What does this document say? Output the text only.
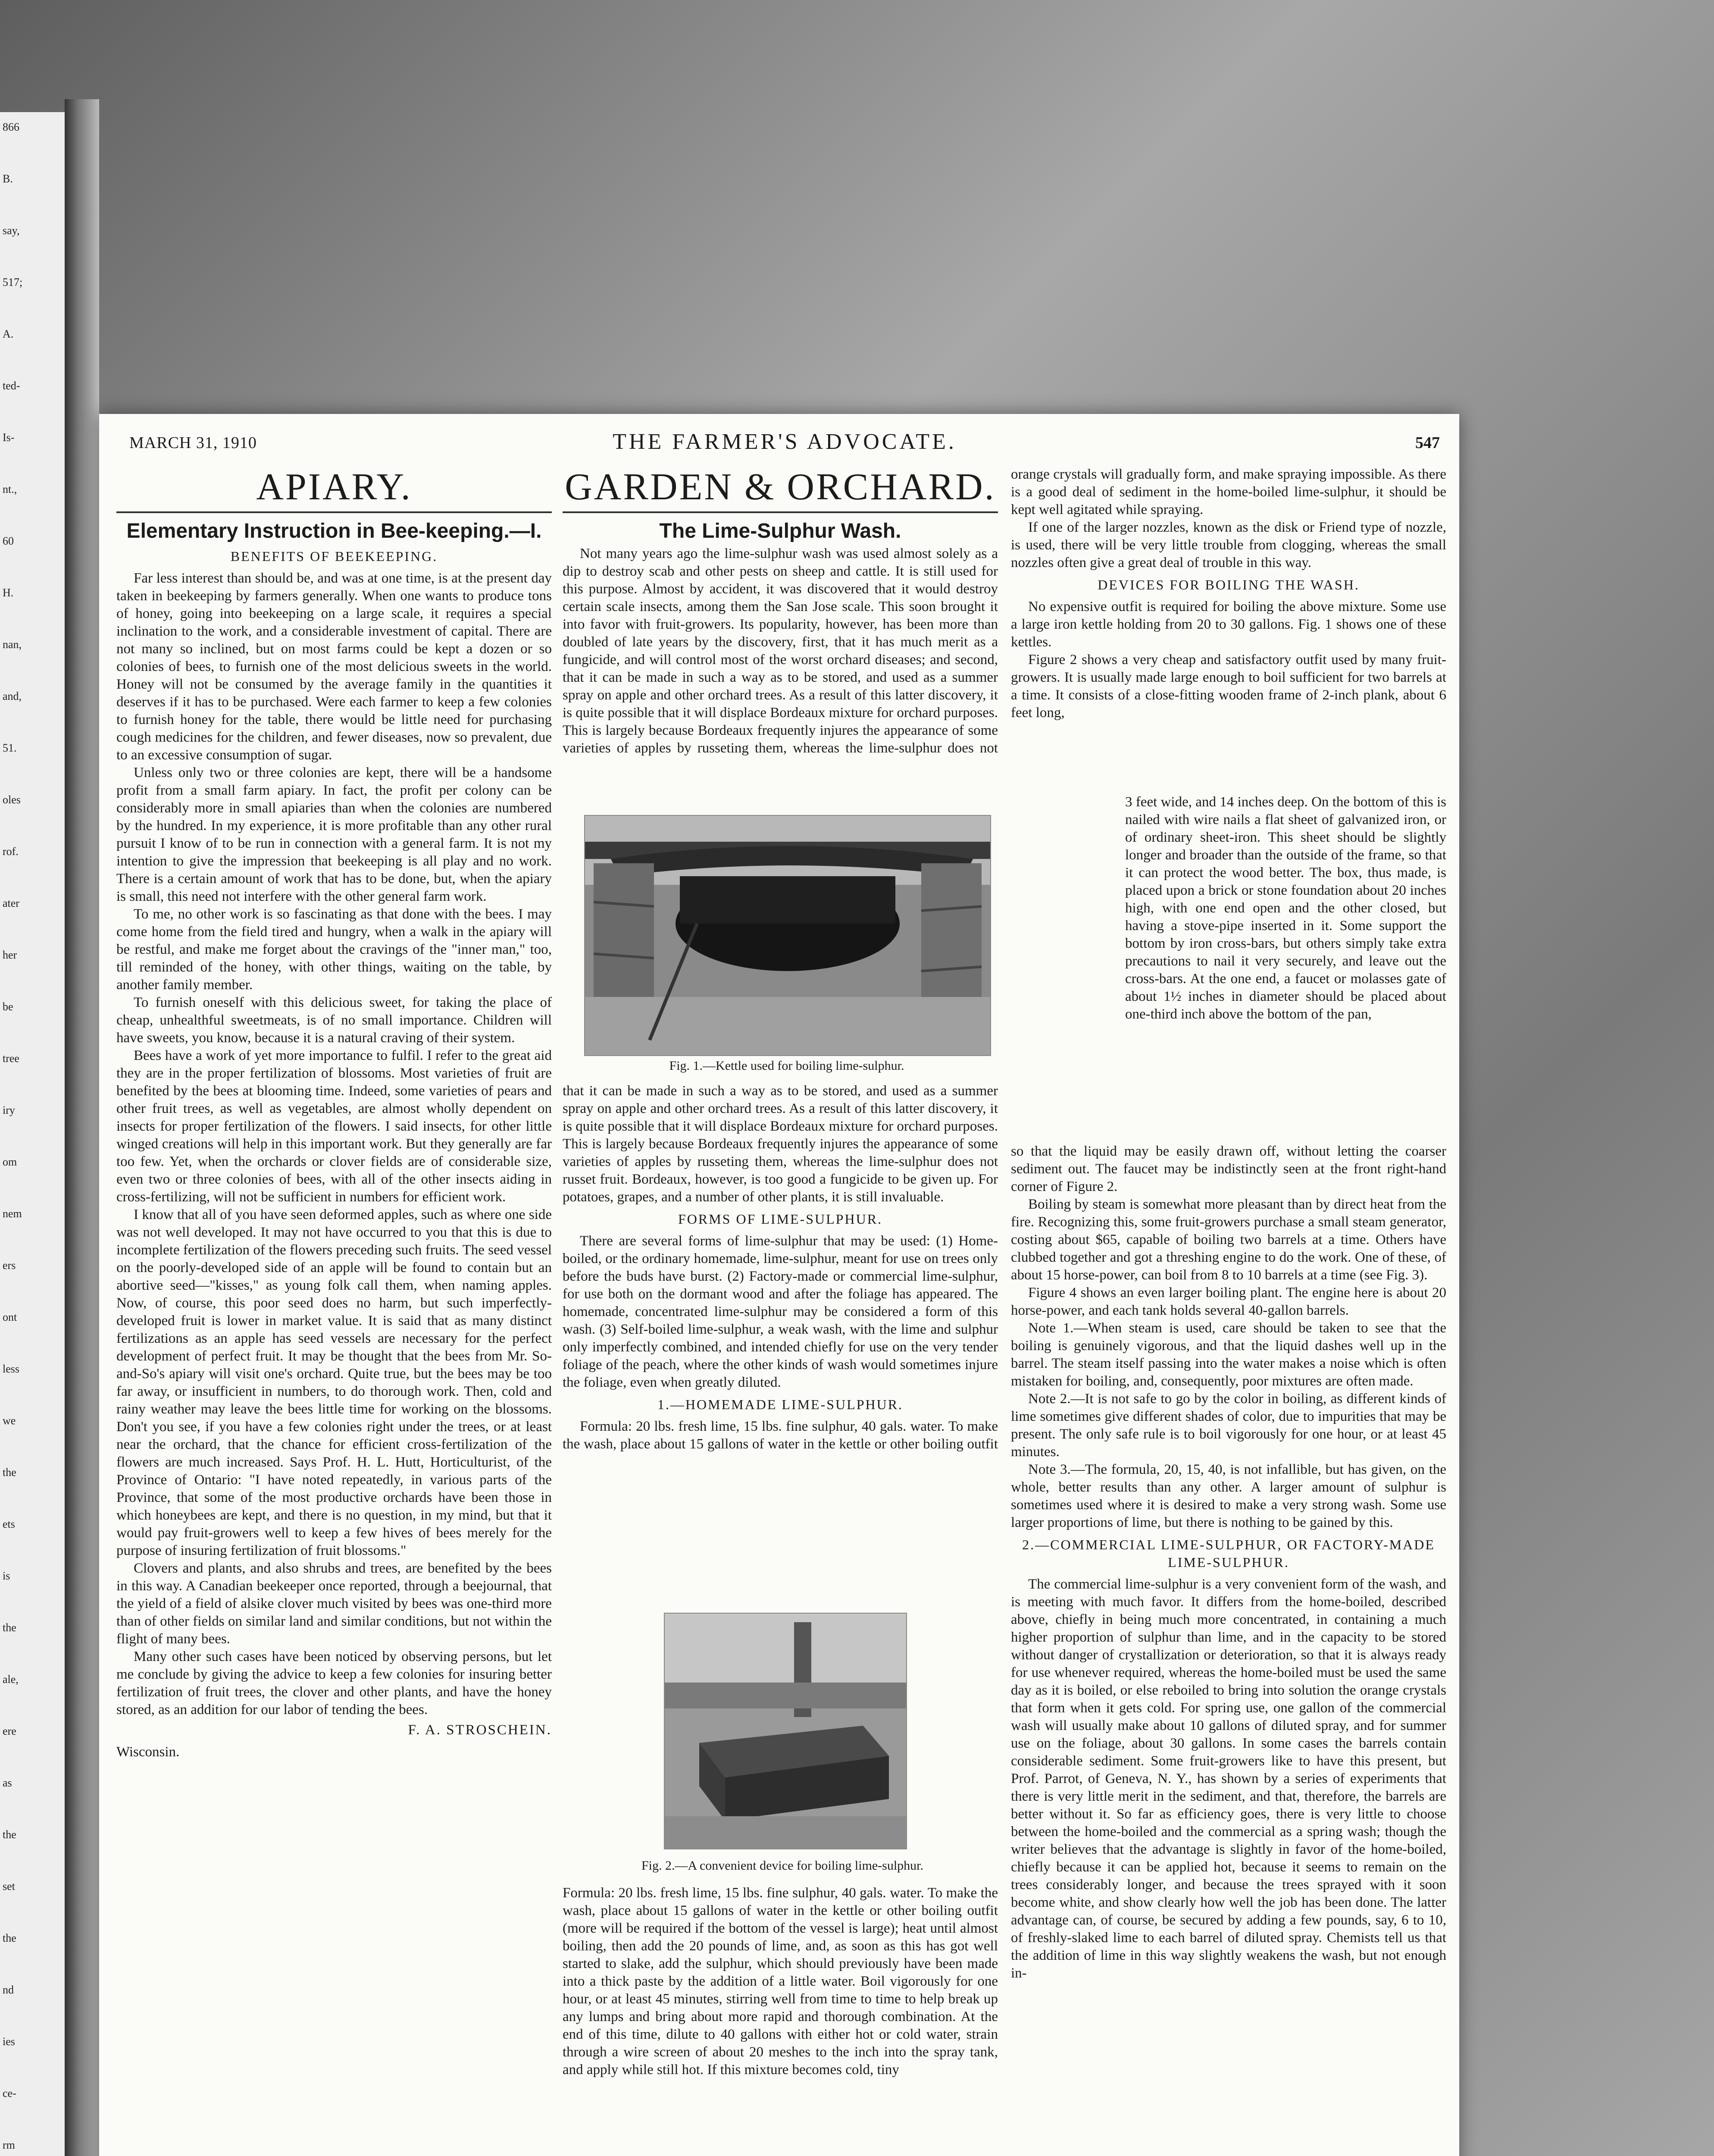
866
B.
say,
517;
A.
ted-
Is-
nt.,
60
H.
nan,
and,
51.
oles
rof.
ater
her
be
tree
iry
om
nem
ers
ont
less
we
the
ets
is
the
ale,
ere
as
the
set
the
nd
ies
ce-
rm
MARCH 31, 1910	THE FARMER'S ADVOCATE.	547
APIARY.
Elementary Instruction in Bee-keeping.—I.
BENEFITS OF BEEKEEPING.

Far less interest than should be, and was at one time, is at the present day taken in beekeeping by farmers generally. When one wants to produce tons of honey, going into beekeeping on a large scale, it requires a special inclination to the work, and a considerable investment of capital. There are not many so inclined, but on most farms could be kept a dozen or so colonies of bees, to furnish one of the most delicious sweets in the world. Honey will not be consumed by the average family in the quantities it deserves if it has to be purchased. Were each farmer to keep a few colonies to furnish honey for the table, there would be little need for purchasing cough medicines for the children, and fewer diseases, now so prevalent, due to an excessive consumption of sugar.

Unless only two or three colonies are kept, there will be a handsome profit from a small farm apiary. In fact, the profit per colony can be considerably more in small apiaries than when the colonies are numbered by the hundred. In my experience, it is more profitable than any other rural pursuit I know of to be run in connection with a general farm. It is not my intention to give the impression that beekeeping is all play and no work. There is a certain amount of work that has to be done, but, when the apiary is small, this need not interfere with the other general farm work.

To me, no other work is so fascinating as that done with the bees. I may come home from the field tired and hungry, when a walk in the apiary will be restful, and make me forget about the cravings of the "inner man," too, till reminded of the honey, with other things, waiting on the table, by another family member.

To furnish oneself with this delicious sweet, for taking the place of cheap, unhealthful sweetmeats, is of no small importance. Children will have sweets, you know, because it is a natural craving of their system.

Bees have a work of yet more importance to fulfil. I refer to the great aid they are in the proper fertilization of blossoms. Most varieties of fruit are benefited by the bees at blooming time. Indeed, some varieties of pears and other fruit trees, as well as vegetables, are almost wholly dependent on insects for proper fertilization of the flowers. I said insects, for other little winged creations will help in this important work. But they generally are far too few. Yet, when the orchards or clover fields are of considerable size, even two or three colonies of bees, with all of the other insects aiding in cross-fertilizing, will not be sufficient in numbers for efficient work.

I know that all of you have seen deformed apples, such as where one side was not well developed. It may not have occurred to you that this is due to incomplete fertilization of the flowers preceding such fruits. The seed vessel on the poorly-developed side of an apple will be found to contain but an abortive seed—"kisses," as young folk call them, when naming apples. Now, of course, this poor seed does no harm, but such imperfectly-developed fruit is lower in market value. It is said that as many distinct fertilizations as an apple has seed vessels are necessary for the perfect development of perfect fruit. It may be thought that the bees from Mr. So-and-So's apiary will visit one's orchard. Quite true, but the bees may be too far away, or insufficient in numbers, to do thorough work. Then, cold and rainy weather may leave the bees little time for working on the blossoms. Don't you see, if you have a few colonies right under the trees, or at least near the orchard, that the chance for efficient cross-fertilization of the flowers are much increased. Says Prof. H. L. Hutt, Horticulturist, of the Province of Ontario: "I have noted repeatedly, in various parts of the Province, that some of the most productive orchards have been those in which honeybees are kept, and there is no question, in my mind, but that it would pay fruit-growers well to keep a few hives of bees merely for the purpose of insuring fertilization of fruit blossoms."

Clovers and plants, and also shrubs and trees, are benefited by the bees in this way. A Canadian beekeeper once reported, through a beejournal, that the yield of a field of alsike clover much visited by bees was one-third more than of other fields on similar land and similar conditions, but not within the flight of many bees.

Many other such cases have been noticed by observing persons, but let me conclude by giving the advice to keep a few colonies for insuring better fertilization of fruit trees, the clover and other plants, and have the honey stored, as an addition for our labor of tending the bees.

F. A. STROSCHEIN.
Wisconsin.
GARDEN & ORCHARD.
The Lime-Sulphur Wash.

Not many years ago the lime-sulphur wash was used almost solely as a dip to destroy scab and other pests on sheep and cattle. It is still used for this purpose. Almost by accident, it was discovered that it would destroy certain scale insects, among them the San Jose scale. This soon brought it into favor with fruit-growers. Its popularity, however, has been more than doubled of late years by the discovery, first, that it has much merit as a fungicide, and will control most of the worst orchard diseases; and second, that it can be made in such a way as to be stored, and used as a summer spray on apple and other orchard trees. As a result of this latter discovery, it is quite possible that it will displace Bordeaux mixture for orchard purposes. This is largely because Bordeaux frequently injures the appearance of some varieties of apples by russeting them, whereas the lime-sulphur does not

Fig. 1.—Kettle used for boiling lime-sulphur.

that it can be made in such a way as to be stored, and used as a summer spray on apple and other orchard trees. As a result of this latter discovery, it is quite possible that it will displace Bordeaux mixture for orchard purposes. This is largely because Bordeaux frequently injures the appearance of some varieties of apples by russeting them, whereas the lime-sulphur does not russet fruit. Bordeaux, however, is too good a fungicide to be given up. For potatoes, grapes, and a number of other plants, it is still invaluable.

FORMS OF LIME-SULPHUR.

There are several forms of lime-sulphur that may be used: (1) Home-boiled, or the ordinary homemade, lime-sulphur, meant for use on trees only before the buds have burst. (2) Factory-made or commercial lime-sulphur, for use both on the dormant wood and after the foliage has appeared. The homemade, concentrated lime-sulphur may be considered a form of this wash. (3) Self-boiled lime-sulphur, a weak wash, with the lime and sulphur only imperfectly combined, and intended chiefly for use on the very tender foliage of the peach, where the other kinds of wash would sometimes injure the foliage, even when greatly diluted.

1.—HOMEMADE LIME-SULPHUR.

Formula: 20 lbs. fresh lime, 15 lbs. fine sulphur, 40 gals. water. To make the wash, place about 15 gallons of water in the kettle or other boiling outfit

Fig. 2.—A convenient device for boiling lime-sulphur.

Formula: 20 lbs. fresh lime, 15 lbs. fine sulphur, 40 gals. water. To make the wash, place about 15 gallons of water in the kettle or other boiling outfit (more will be required if the bottom of the vessel is large); heat until almost boiling, then add the 20 pounds of lime, and, as soon as this has got well started to slake, add the sulphur, which should previously have been made into a thick paste by the addition of a little water. Boil vigorously for one hour, or at least 45 minutes, stirring well from time to time to help break up any lumps and bring about more rapid and thorough combination. At the end of this time, dilute to 40 gallons with either hot or cold water, strain through a wire screen of about 20 meshes to the inch into the spray tank, and apply while still hot. If this mixture becomes cold, tiny

orange crystals will gradually form, and make spraying impossible. As there is a good deal of sediment in the home-boiled lime-sulphur, it should be kept well agitated while spraying.

If one of the larger nozzles, known as the disk or Friend type of nozzle, is used, there will be very little trouble from clogging, whereas the small nozzles often give a great deal of trouble in this way.

DEVICES FOR BOILING THE WASH.

No expensive outfit is required for boiling the above mixture. Some use a large iron kettle holding from 20 to 30 gallons. Fig. 1 shows one of these kettles.

Figure 2 shows a very cheap and satisfactory outfit used by many fruit-growers. It is usually made large enough to boil sufficient for two barrels at a time. It consists of a close-fitting wooden frame of 2-inch plank, about 6 feet long,

3 feet wide, and 14 inches deep. On the bottom of this is nailed with wire nails a flat sheet of galvanized iron, or of ordinary sheet-iron. This sheet should be slightly longer and broader than the outside of the frame, so that it can protect the wood better. The box, thus made, is placed upon a brick or stone foundation about 20 inches high, with one end open and the other closed, but having a stove-pipe inserted in it. Some support the bottom by iron cross-bars, but others simply take extra precautions to nail it very securely, and leave out the cross-bars. At the one end, a faucet or molasses gate of about 1½ inches in diameter should be placed about one-third inch above the bottom of the pan,

so that the liquid may be easily drawn off, without letting the coarser sediment out. The faucet may be indistinctly seen at the front right-hand corner of Figure 2.

Boiling by steam is somewhat more pleasant than by direct heat from the fire. Recognizing this, some fruit-growers purchase a small steam generator, costing about $65, capable of boiling two barrels at a time. Others have clubbed together and got a threshing engine to do the work. One of these, of about 15 horse-power, can boil from 8 to 10 barrels at a time (see Fig. 3).

Figure 4 shows an even larger boiling plant. The engine here is about 20 horse-power, and each tank holds several 40-gallon barrels.

Note 1.—When steam is used, care should be taken to see that the boiling is genuinely vigorous, and that the liquid dashes well up in the barrel. The steam itself passing into the water makes a noise which is often mistaken for boiling, and, consequently, poor mixtures are often made.

Note 2.—It is not safe to go by the color in boiling, as different kinds of lime sometimes give different shades of color, due to impurities that may be present. The only safe rule is to boil vigorously for one hour, or at least 45 minutes.

Note 3.—The formula, 20, 15, 40, is not infallible, but has given, on the whole, better results than any other. A larger amount of sulphur is sometimes used where it is desired to make a very strong wash. Some use larger proportions of lime, but there is nothing to be gained by this.

2.—COMMERCIAL LIME-SULPHUR, OR FACTORY-MADE LIME-SULPHUR.

The commercial lime-sulphur is a very convenient form of the wash, and is meeting with much favor. It differs from the home-boiled, described above, chiefly in being much more concentrated, in containing a much higher proportion of sulphur than lime, and in the capacity to be stored without danger of crystallization or deterioration, so that it is always ready for use whenever required, whereas the home-boiled must be used the same day as it is boiled, or else reboiled to bring into solution the orange crystals that form when it gets cold. For spring use, one gallon of the commercial wash will usually make about 10 gallons of diluted spray, and for summer use on the foliage, about 30 gallons. In some cases the barrels contain considerable sediment. Some fruit-growers like to have this present, but Prof. Parrot, of Geneva, N. Y., has shown by a series of experiments that there is very little merit in the sediment, and that, therefore, the barrels are better without it. So far as efficiency goes, there is very little to choose between the home-boiled and the commercial as a spring wash; though the writer believes that the advantage is slightly in favor of the home-boiled, chiefly because it can be applied hot, because it seems to remain on the trees considerably longer, and because the trees sprayed with it soon become white, and show clearly how well the job has been done. The latter advantage can, of course, be secured by adding a few pounds, say, 6 to 10, of freshly-slaked lime to each barrel of diluted spray. Chemists tell us that the addition of lime in this way slightly weakens the wash, but not enough in-
